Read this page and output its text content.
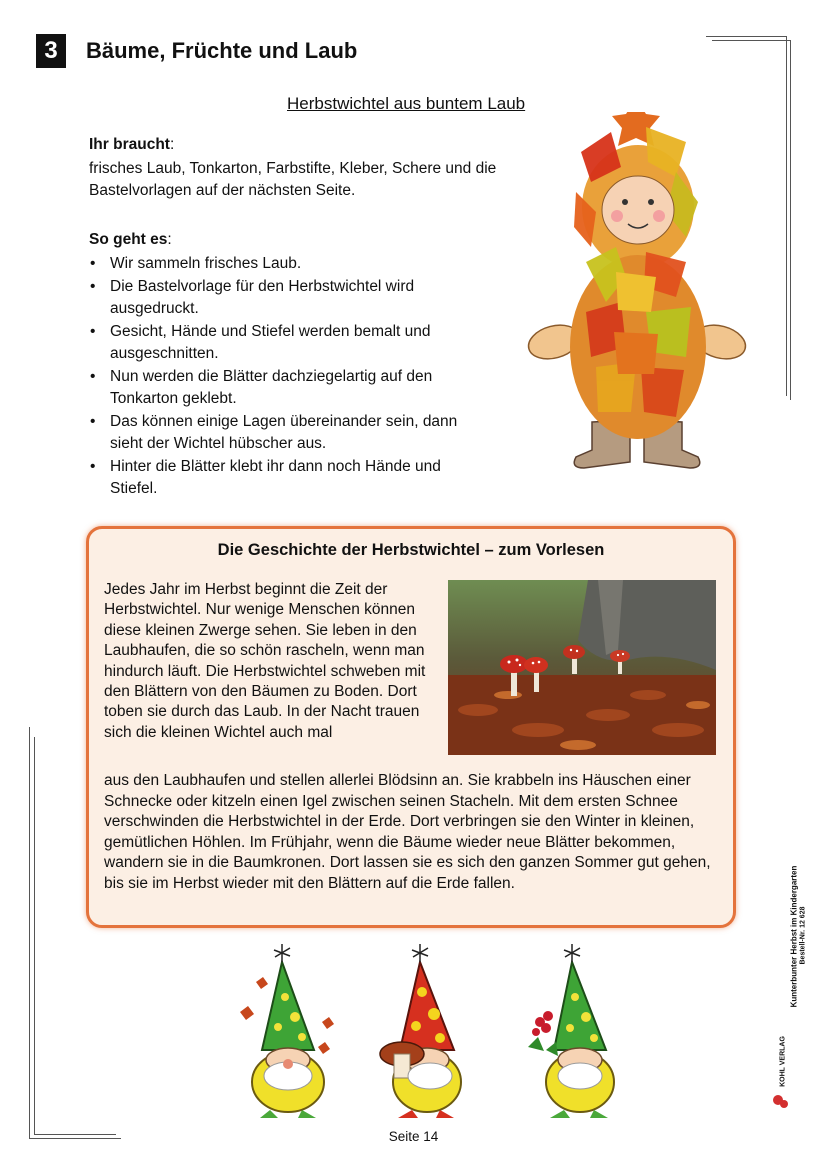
3	Bäume, Früchte und Laub
Herbstwichtel aus buntem Laub
Ihr braucht:
frisches Laub, Tonkarton, Farbstifte, Kleber, Schere und die Bastelvorlagen auf der nächsten Seite.
So geht es:
• Wir sammeln frisches Laub.
• Die Bastelvorlage für den Herbstwichtel wird ausgedruckt.
• Gesicht, Hände und Stiefel werden bemalt und ausgeschnitten.
• Nun werden die Blätter dachziegelartig auf den Tonkarton geklebt.
• Das können einige Lagen übereinander sein, dann sieht der Wichtel hübscher aus.
• Hinter die Blätter klebt ihr dann noch Hände und Stiefel.
Die Geschichte der Herbstwichtel – zum Vorlesen
Jedes Jahr im Herbst beginnt die Zeit der Herbstwichtel. Nur wenige Menschen können diese kleinen Zwerge sehen. Sie leben in den Laubhaufen, die so schön rascheln, wenn man hindurch läuft. Die Herbstwichtel schweben mit den Blättern von den Bäumen zu Boden. Dort toben sie durch das Laub. In der Nacht trauen sich die kleinen Wichtel auch mal
aus den Laubhaufen und stellen allerlei Blödsinn an. Sie krabbeln ins Häuschen einer Schnecke oder kitzeln einen Igel zwischen seinen Stacheln. Mit dem ersten Schnee verschwinden die Herbstwichtel in der Erde. Dort verbringen sie den Winter in kleinen, gemütlichen Höhlen. Im Frühjahr, wenn die Bäume wieder neue Blätter bekommen, wandern sie in die Baumkronen. Dort lassen sie es sich den ganzen Sommer gut gehen, bis sie im Herbst wieder mit den Blättern auf die Erde fallen.	Kunterbunter Herbst im Kindergarten Bestell-Nr. 12 628
KOHL VERLAG
Seite 14
